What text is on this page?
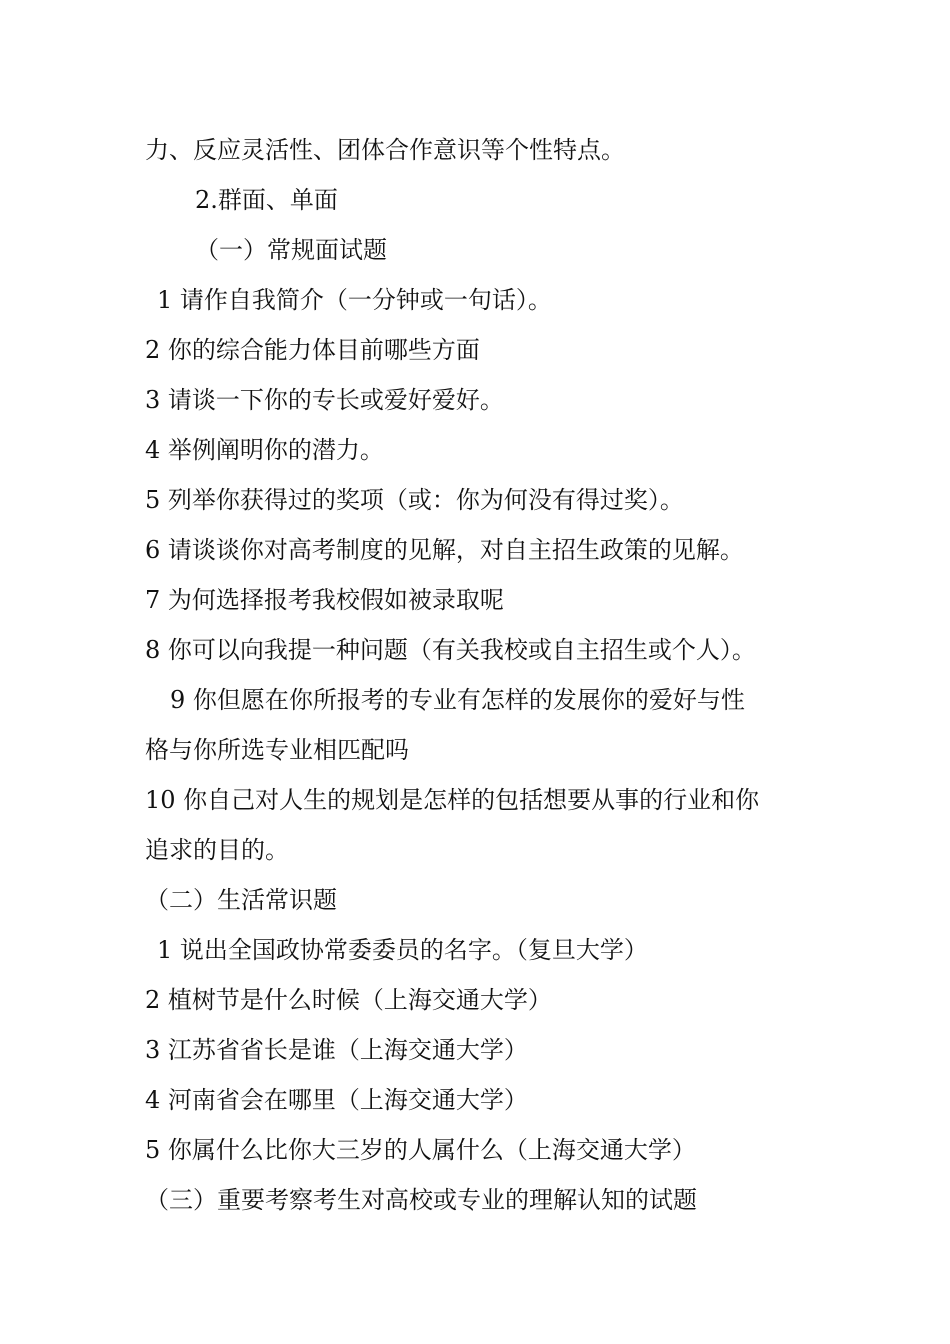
力、反应灵活性、团体合作意识等个性特点。
2.群面、单面
（一）常规面试题
1 请作自我简介（一分钟或一句话）。
2 你的综合能力体目前哪些方面
3 请谈一下你的专长或爱好爱好。
4 举例阐明你的潜力。
5 列举你获得过的奖项（或：你为何没有得过奖）。
6 请谈谈你对高考制度的见解，对自主招生政策的见解。
7 为何选择报考我校假如被录取呢
8 你可以向我提一种问题（有关我校或自主招生或个人）。
9 你但愿在你所报考的专业有怎样的发展你的爱好与性
格与你所选专业相匹配吗
10 你自己对人生的规划是怎样的包括想要从事的行业和你
追求的目的。
（二）生活常识题
1 说出全国政协常委委员的名字。（复旦大学）
2 植树节是什么时候（上海交通大学）
3 江苏省省长是谁（上海交通大学）
4 河南省会在哪里（上海交通大学）
5 你属什么比你大三岁的人属什么（上海交通大学）
（三）重要考察考生对高校或专业的理解认知的试题
